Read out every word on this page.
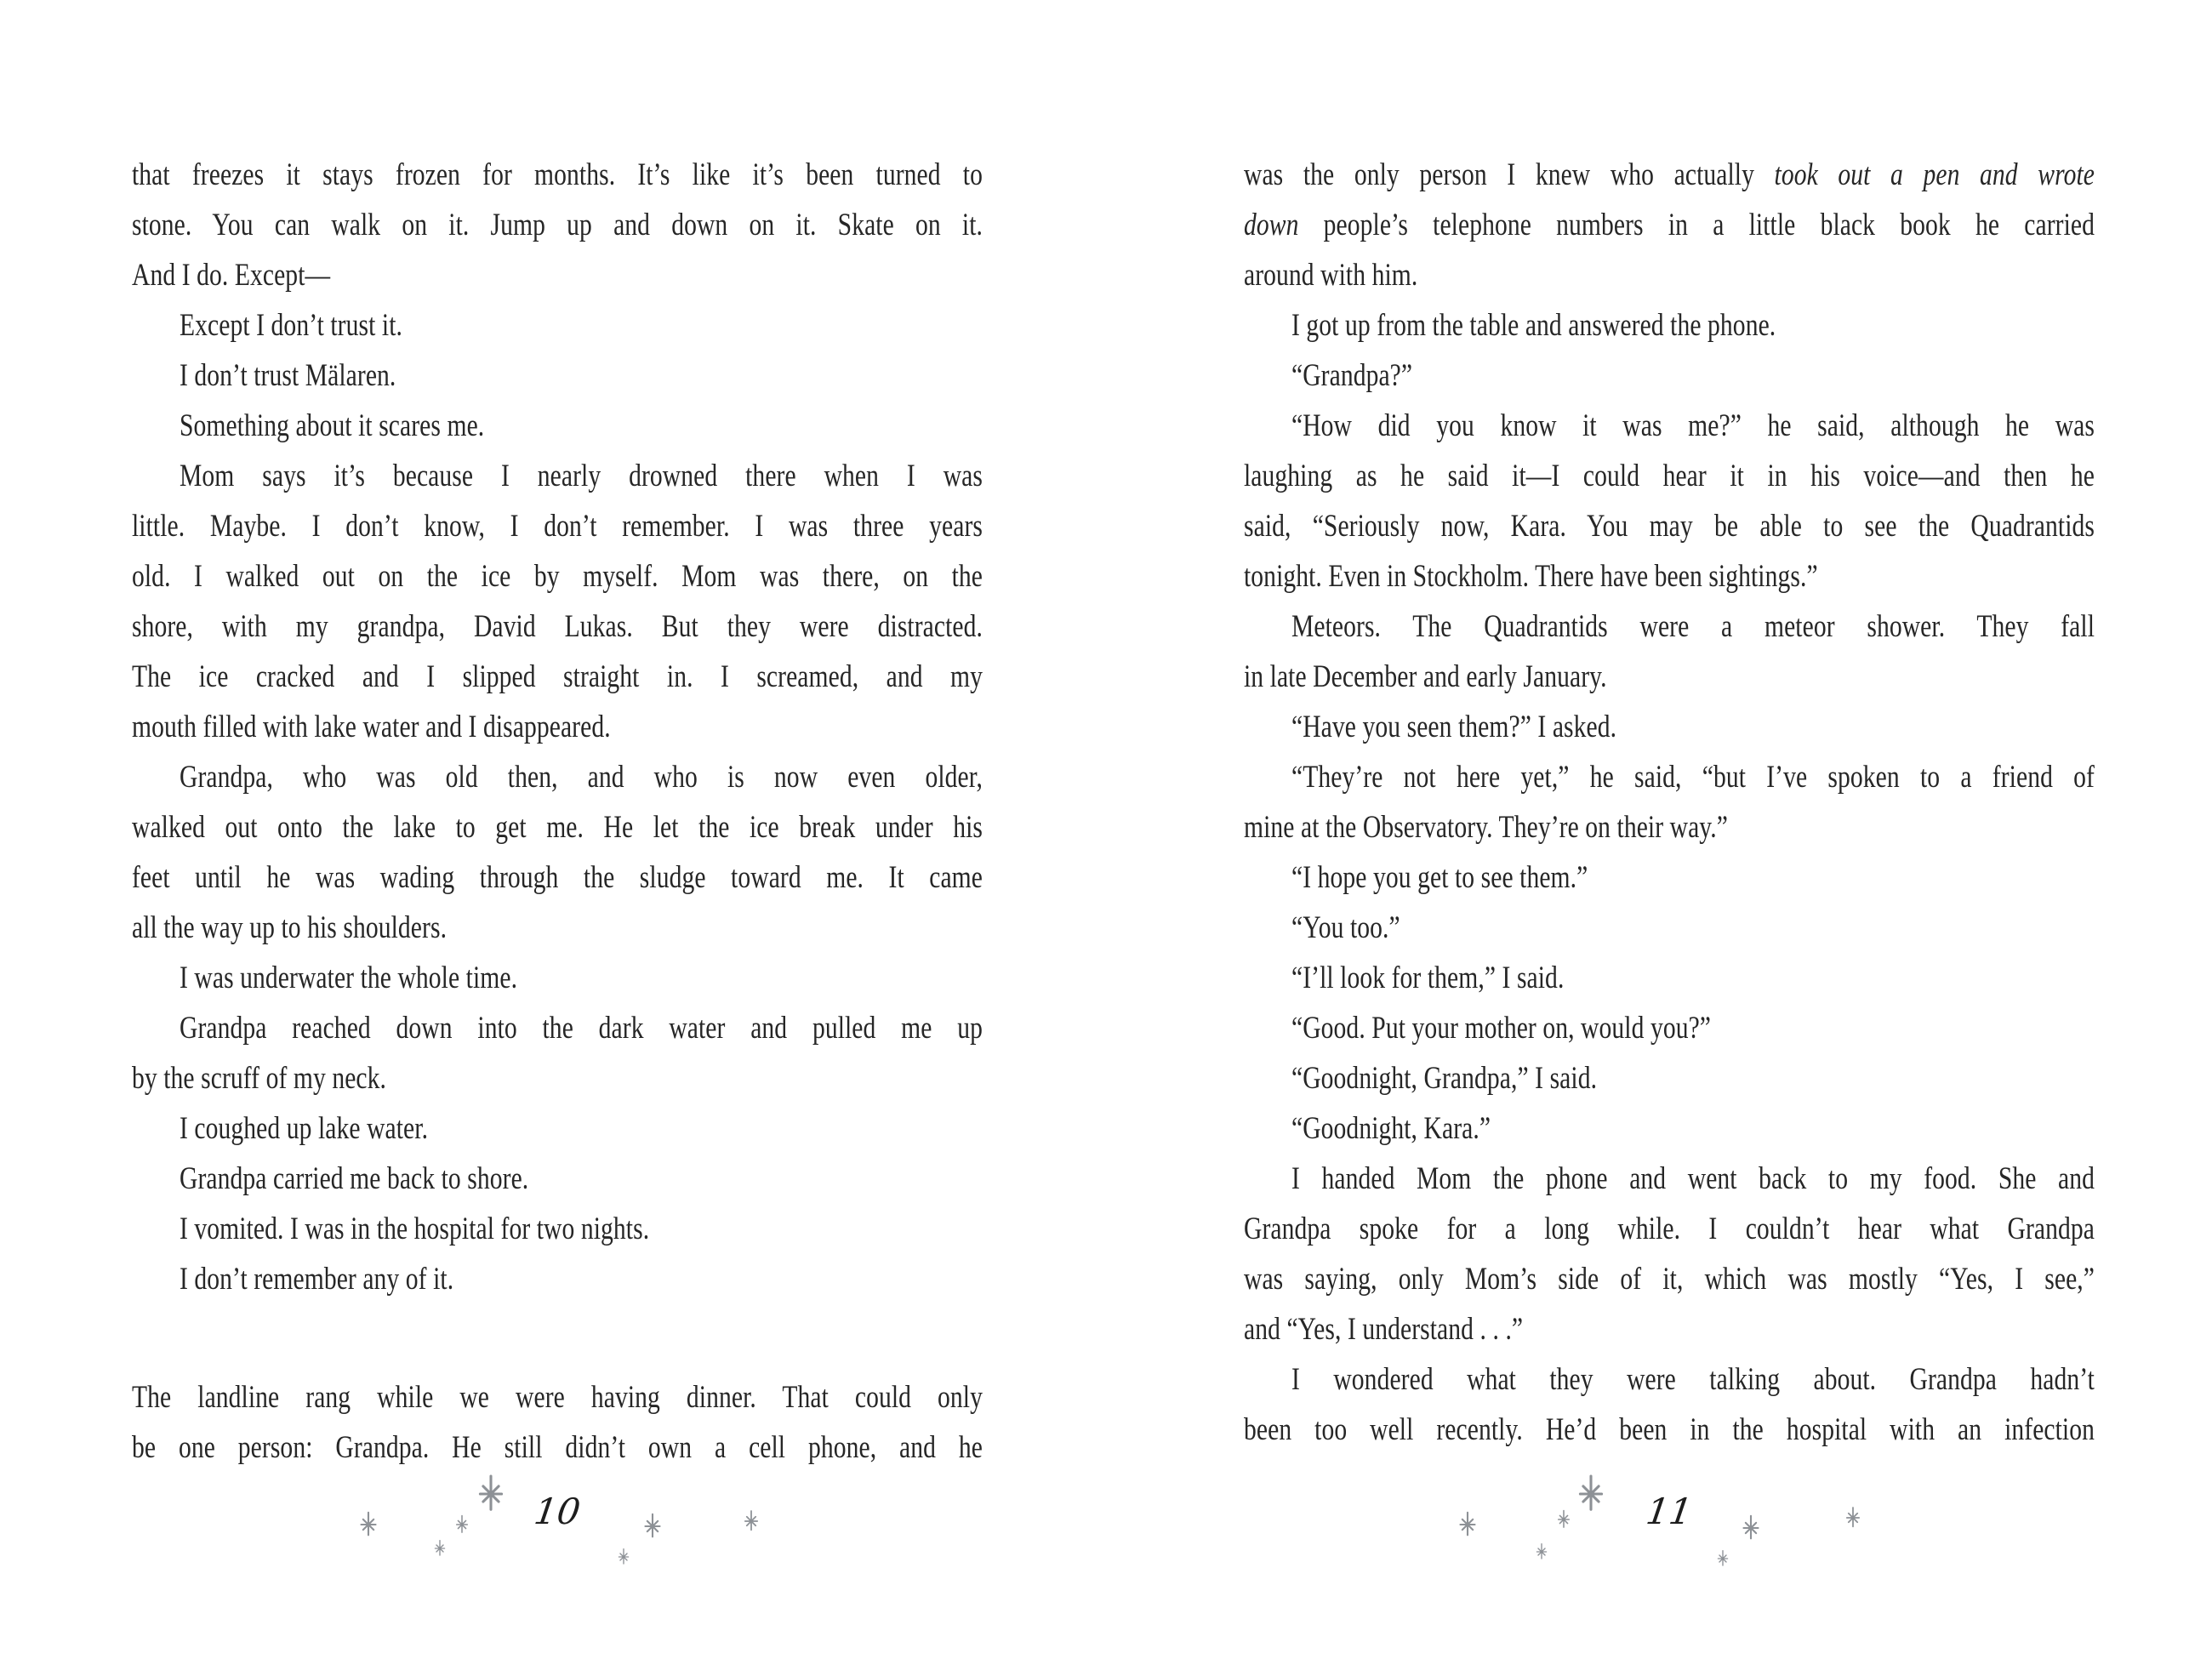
that freezes it stays frozen for months. It’s like it’s been turned to
stone. You can walk on it. Jump up and down on it. Skate on it.
And I do. Except—
Except I don’t trust it.
I don’t trust Mälaren.
Something about it scares me.
Mom says it’s because I nearly drowned there when I was
little. Maybe. I don’t know, I don’t remember. I was three years
old. I walked out on the ice by myself. Mom was there, on the
shore, with my grandpa, David Lukas. But they were distracted.
The ice cracked and I slipped straight in. I screamed, and my
mouth filled with lake water and I disappeared.
Grandpa, who was old then, and who is now even older,
walked out onto the lake to get me. He let the ice break under his
feet until he was wading through the sludge toward me. It came
all the way up to his shoulders.
I was underwater the whole time.
Grandpa reached down into the dark water and pulled me up
by the scruff of my neck.
I coughed up lake water.
Grandpa carried me back to shore.
I vomited. I was in the hospital for two nights.
I don’t remember any of it.
The landline rang while we were having dinner. That could only
be one person: Grandpa. He still didn’t own a cell phone, and he
10
was the only person I knew who actually took out a pen and wrote
down people’s telephone numbers in a little black book he carried
around with him.
I got up from the table and answered the phone.
“Grandpa?”
“How did you know it was me?” he said, although he was
laughing as he said it—I could hear it in his voice—and then he
said, “Seriously now, Kara. You may be able to see the Quadrantids
tonight. Even in Stockholm. There have been sightings.”
Meteors. The Quadrantids were a meteor shower. They fall
in late December and early January.
“Have you seen them?” I asked.
“They’re not here yet,” he said, “but I’ve spoken to a friend of
mine at the Observatory. They’re on their way.”
“I hope you get to see them.”
“You too.”
“I’ll look for them,” I said.
“Good. Put your mother on, would you?”
“Goodnight, Grandpa,” I said.
“Goodnight, Kara.”
I handed Mom the phone and went back to my food. She and
Grandpa spoke for a long while. I couldn’t hear what Grandpa
was saying, only Mom’s side of it, which was mostly “Yes, I see,”
and “Yes, I understand . . .”
I wondered what they were talking about. Grandpa hadn’t
been too well recently. He’d been in the hospital with an infection
11
